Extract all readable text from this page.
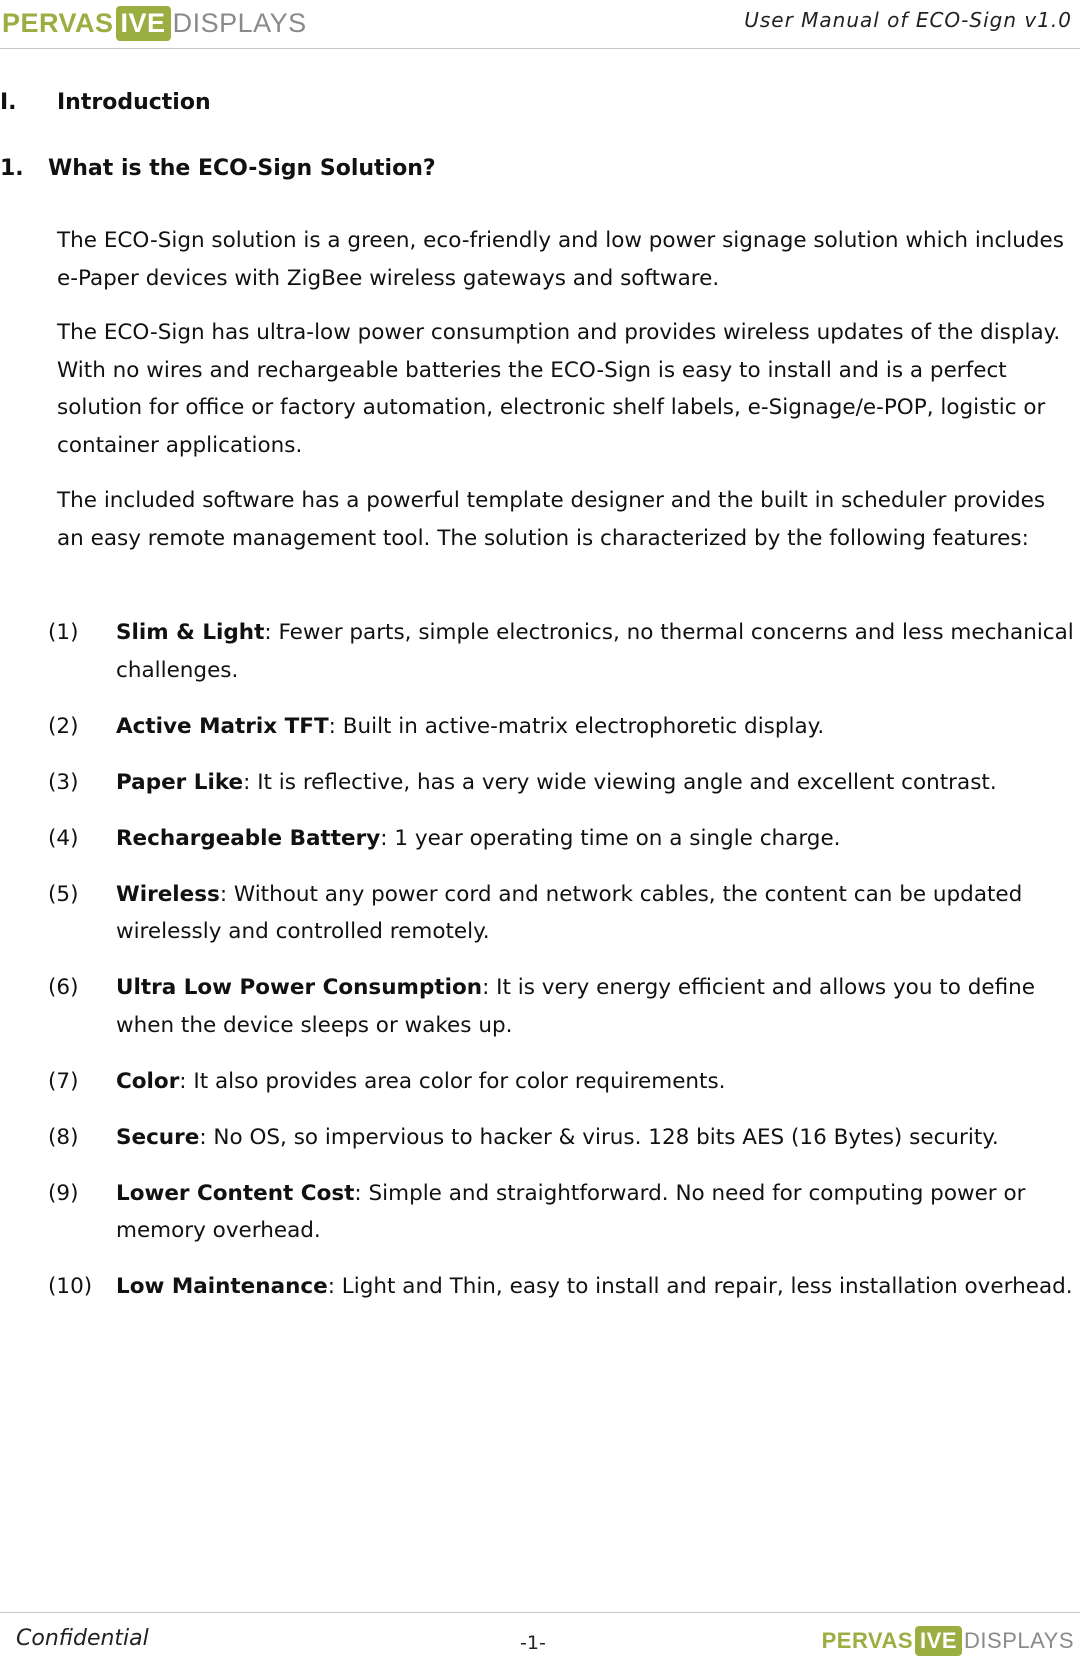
PERVAS IVE DISPLAYS	User Manual of ECO-Sign v1.0
I. Introduction
1. What is the ECO-Sign Solution?

The ECO-Sign solution is a green, eco-friendly and low power signage solution which includes e-Paper devices with ZigBee wireless gateways and software.

The ECO-Sign has ultra-low power consumption and provides wireless updates of the display. With no wires and rechargeable batteries the ECO-Sign is easy to install and is a perfect solution for office or factory automation, electronic shelf labels, e-Signage/e-POP, logistic or container applications.

The included software has a powerful template designer and the built in scheduler provides an easy remote management tool. The solution is characterized by the following features:

(1) Slim & Light: Fewer parts, simple electronics, no thermal concerns and less mechanical challenges.
(2) Active Matrix TFT: Built in active-matrix electrophoretic display.
(3) Paper Like: It is reflective, has a very wide viewing angle and excellent contrast.
(4) Rechargeable Battery: 1 year operating time on a single charge.
(5) Wireless: Without any power cord and network cables, the content can be updated wirelessly and controlled remotely.
(6) Ultra Low Power Consumption: It is very energy efficient and allows you to define when the device sleeps or wakes up.
(7) Color: It also provides area color for color requirements.
(8) Secure: No OS, so impervious to hacker & virus. 128 bits AES (16 Bytes) security.
(9) Lower Content Cost: Simple and straightforward. No need for computing power or memory overhead.
(10) Low Maintenance: Light and Thin, easy to install and repair, less installation overhead.
Confidential	-1-	PERVAS IVE DISPLAYS
